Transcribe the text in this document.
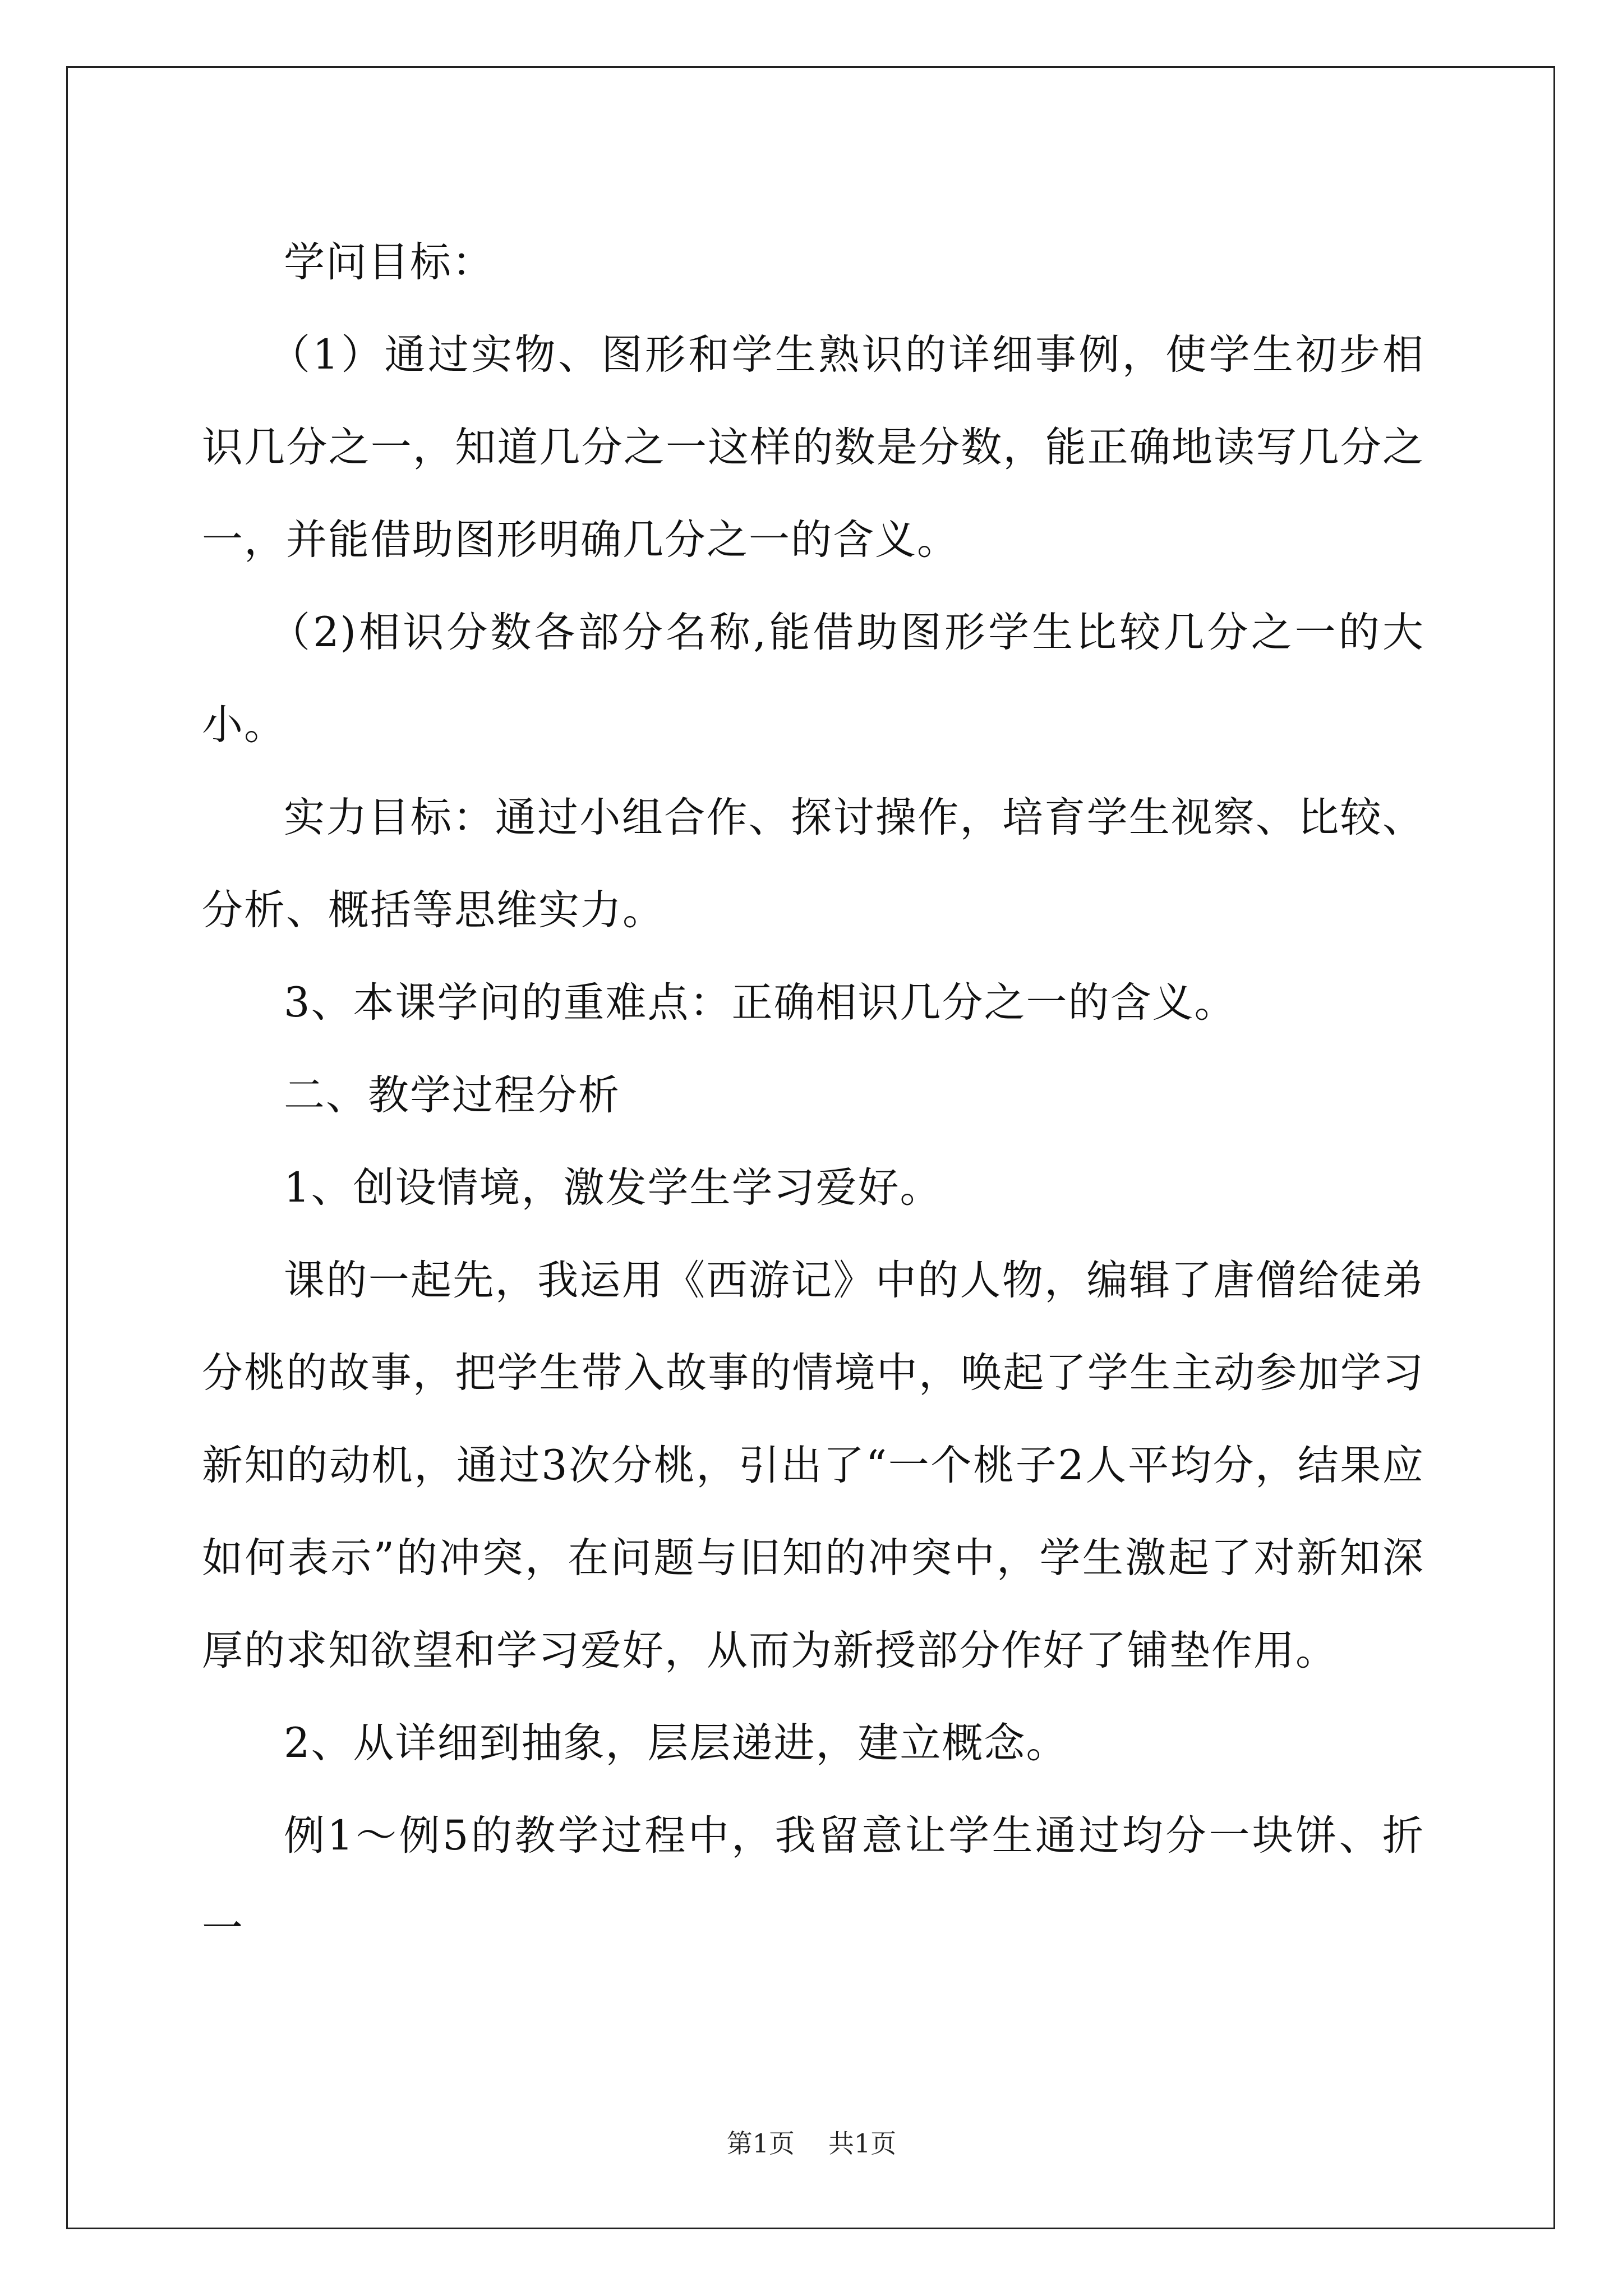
学问目标：

（1）通过实物、图形和学生熟识的详细事例，使学生初步相识几分之一，知道几分之一这样的数是分数，能正确地读写几分之一，并能借助图形明确几分之一的含义。

（2)相识分数各部分名称,能借助图形学生比较几分之一的大小。

实力目标：通过小组合作、探讨操作，培育学生视察、比较、分析、概括等思维实力。

3、本课学问的重难点：正确相识几分之一的含义。

二、教学过程分析

1、创设情境，激发学生学习爱好。

课的一起先，我运用《西游记》中的人物，编辑了唐僧给徒弟分桃的故事，把学生带入故事的情境中，唤起了学生主动参加学习新知的动机，通过3次分桃，引出了“一个桃子2人平均分，结果应如何表示”的冲突，在问题与旧知的冲突中，学生激起了对新知深厚的求知欲望和学习爱好，从而为新授部分作好了铺垫作用。

2、从详细到抽象，层层递进，建立概念。

例1～例5的教学过程中，我留意让学生通过均分一块饼、折一

第1页 共1页
